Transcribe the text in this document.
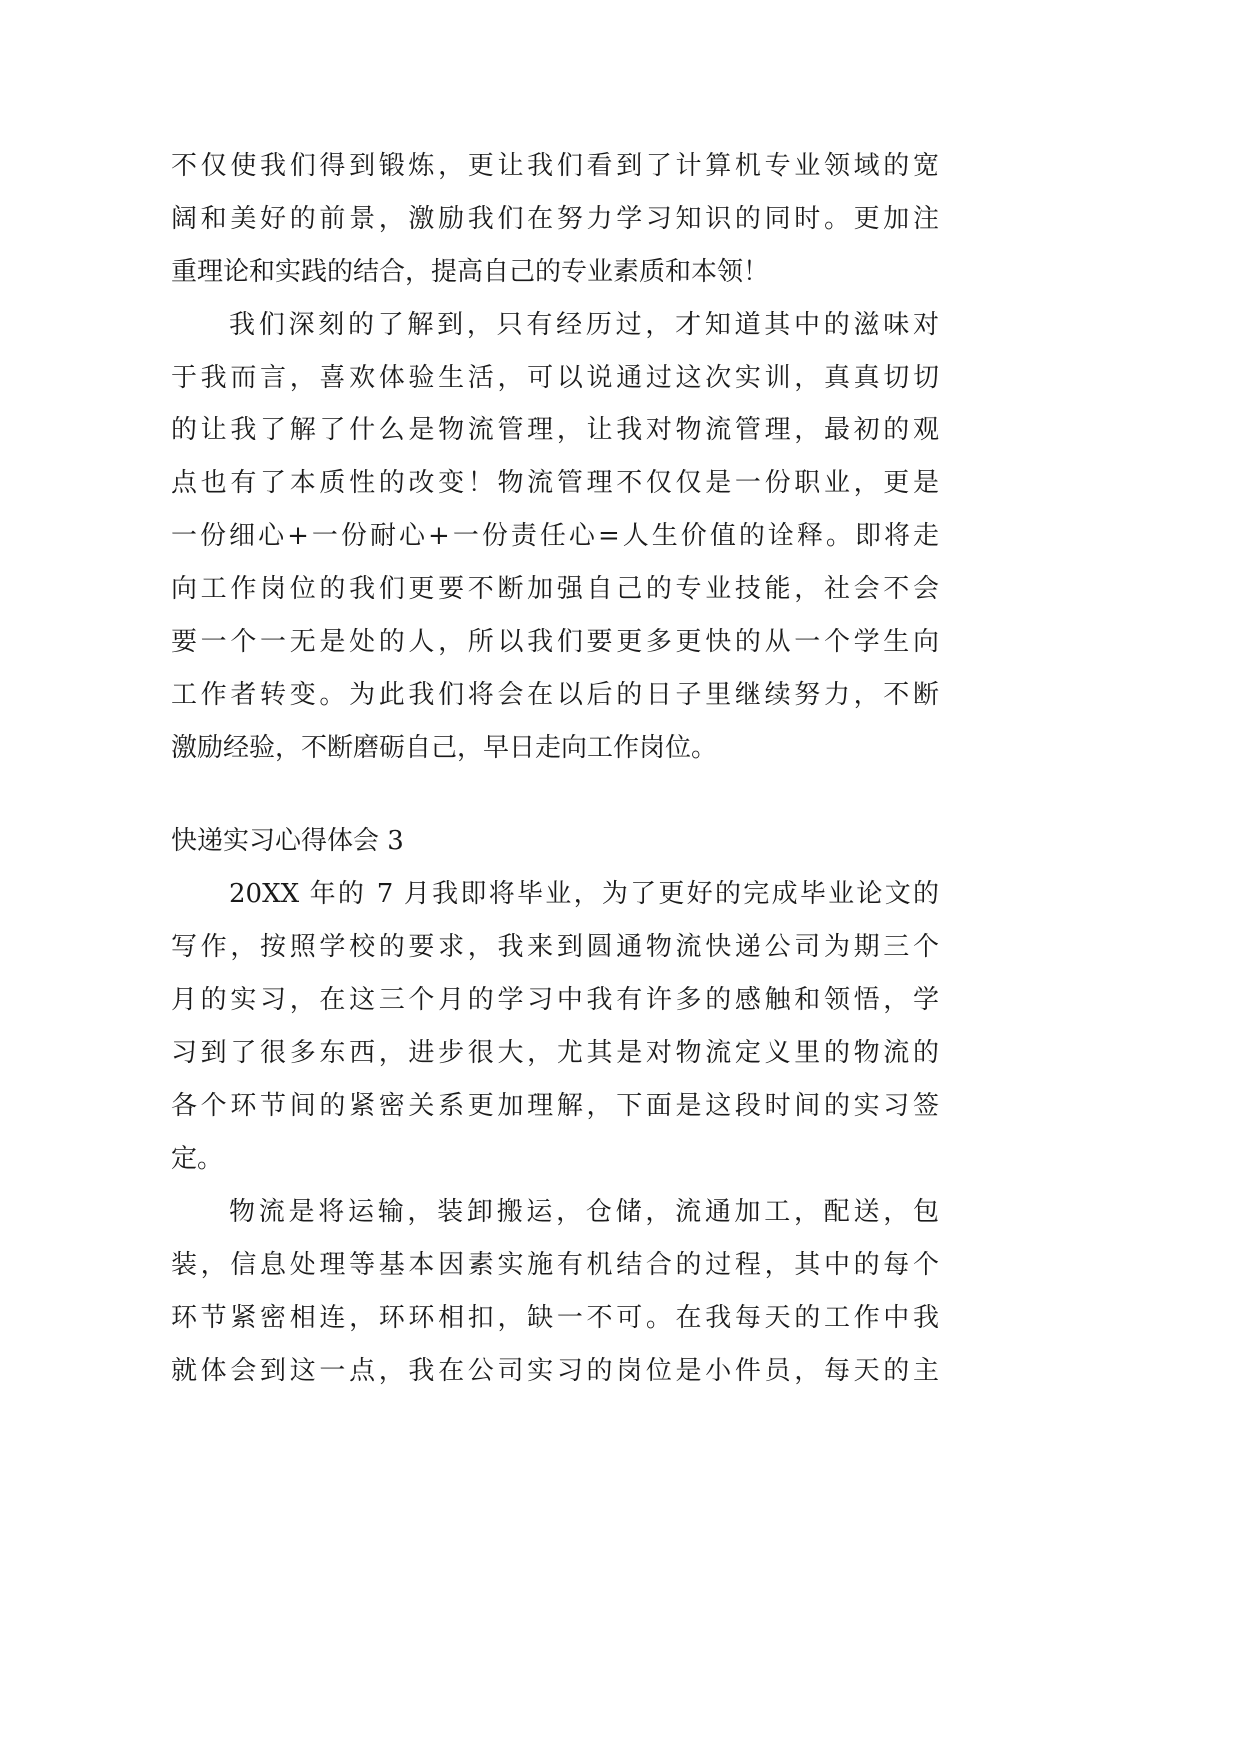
不仅使我们得到锻炼，更让我们看到了计算机专业领域的宽
阔和美好的前景，激励我们在努力学习知识的同时。更加注
重理论和实践的结合，提高自己的专业素质和本领！
我们深刻的了解到，只有经历过，才知道其中的滋味对
于我而言，喜欢体验生活，可以说通过这次实训，真真切切
的让我了解了什么是物流管理，让我对物流管理，最初的观
点也有了本质性的改变！物流管理不仅仅是一份职业，更是
一份细心+一份耐心+一份责任心=人生价值的诠释。即将走
向工作岗位的我们更要不断加强自己的专业技能，社会不会
要一个一无是处的人，所以我们要更多更快的从一个学生向
工作者转变。为此我们将会在以后的日子里继续努力，不断
激励经验，不断磨砺自己，早日走向工作岗位。
快递实习心得体会 3
20XX 年的 7 月我即将毕业，为了更好的完成毕业论文的
写作，按照学校的要求，我来到圆通物流快递公司为期三个
月的实习，在这三个月的学习中我有许多的感触和领悟，学
习到了很多东西，进步很大，尤其是对物流定义里的物流的
各个环节间的紧密关系更加理解，下面是这段时间的实习签
定。
物流是将运输，装卸搬运，仓储，流通加工，配送，包
装，信息处理等基本因素实施有机结合的过程，其中的每个
环节紧密相连，环环相扣，缺一不可。在我每天的工作中我
就体会到这一点，我在公司实习的岗位是小件员，每天的主
